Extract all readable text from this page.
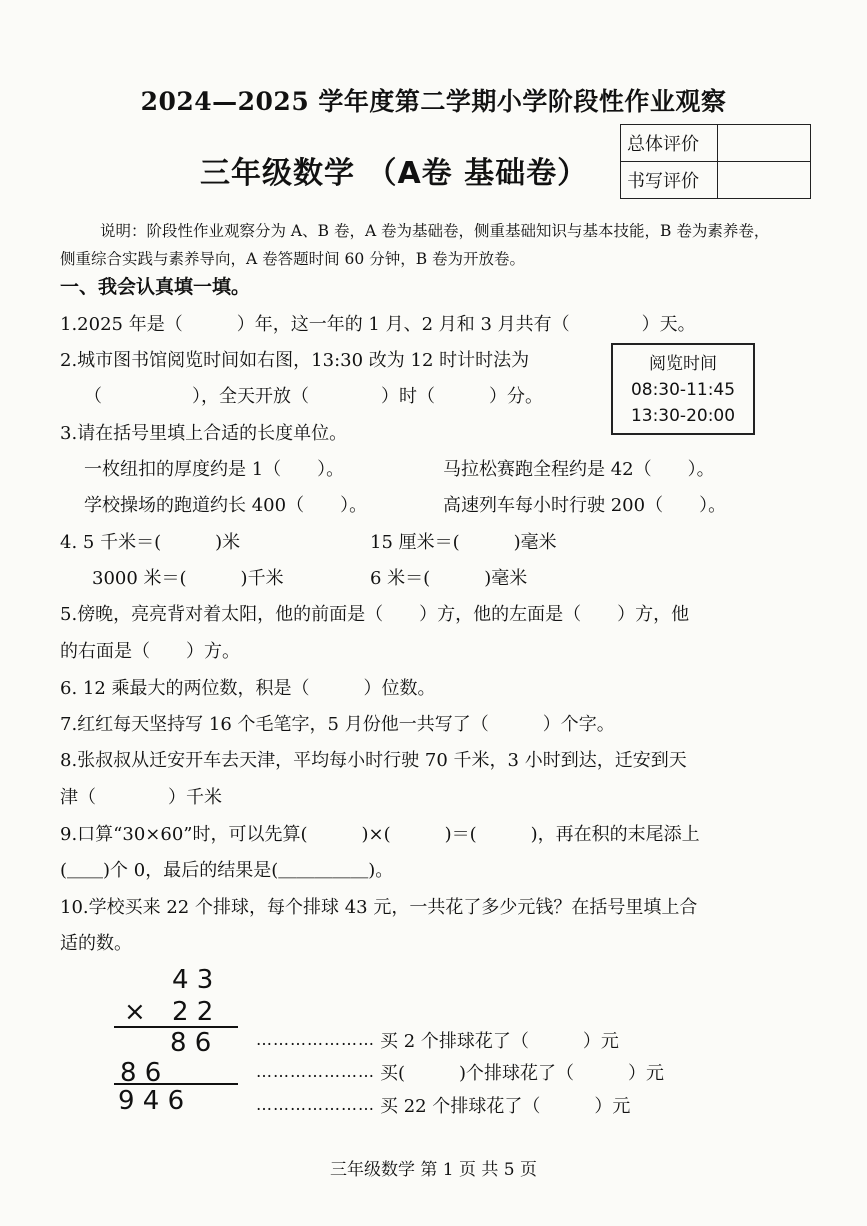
2024—2025 学年度第二学期小学阶段性作业观察
三年级数学 （A卷 基础卷）
总体评价	
书写评价	
说明：阶段性作业观察分为 A、B 卷，A 卷为基础卷，侧重基础知识与基本技能，B 卷为素养卷，侧重综合实践与素养导向，A 卷答题时间 60 分钟，B 卷为开放卷。
一、我会认真填一填。
1.2025 年是（　　　）年，这一年的 1 月、2 月和 3 月共有（　　　　）天。
2.城市图书馆阅览时间如右图，13:30 改为 12 时计时法为
（　　　　　），全天开放（　　　　）时（　　　）分。
阅览时间
08:30-11:45
13:30-20:00
3.请在括号里填上合适的长度单位。
一枚纽扣的厚度约是 1（　　）。	马拉松赛跑全程约是 42（　　）。
学校操场的跑道约长 400（　　）。	高速列车每小时行驶 200（　　）。
4. 5 千米＝(　　　)米	15 厘米＝(　　　)毫米
3000 米＝(　　　)千米	6 米＝(　　　)毫米
5.傍晚，亮亮背对着太阳，他的前面是（　　）方，他的左面是（　　）方，他
的右面是（　　）方。
6. 12 乘最大的两位数，积是（　　　）位数。
7.红红每天坚持写 16 个毛笔字，5 月份他一共写了（　　　）个字。
8.张叔叔从迁安开车去天津，平均每小时行驶 70 千米，3 小时到达，迁安到天
津（　　　　）千米
9.口算“30×60”时，可以先算(　　　)×(　　　)＝(　　　)，再在积的末尾添上
(＿＿)个 0，最后的结果是(＿＿＿＿＿)。
10.学校买来 22 个排球，每个排球 43 元，一共花了多少元钱？在括号里填上合
适的数。
4 3
× 2 2
8 6
8 6
9 4 6
………………… 买 2 个排球花了（　　　）元
………………… 买(　　　)个排球花了（　　　）元
………………… 买 22 个排球花了（　　　）元
三年级数学 第 1 页 共 5 页
